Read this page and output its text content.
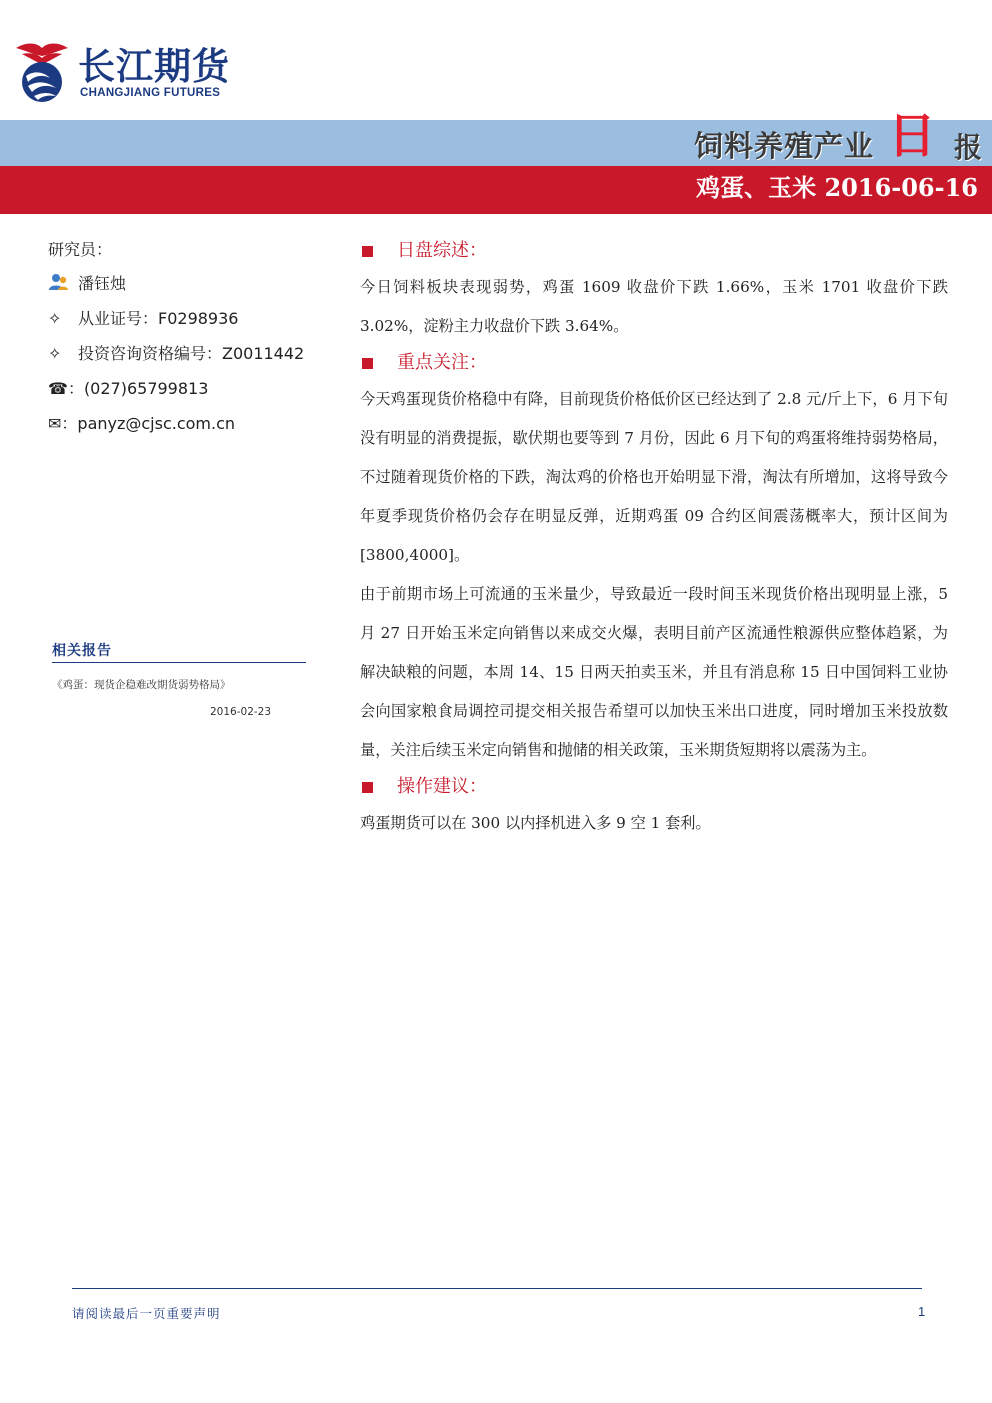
长江期货
CHANGJIANG FUTURES
饲料养殖产业 日 报
鸡蛋、玉米 2016-06-16
研究员：
潘钰烛
✧	从业证号：F0298936
✧	投资咨询资格编号：Z0011442
☎ ：(027)65799813
✉ ：panyz@cjsc.com.cn
相关报告
《鸡蛋：现货企稳难改期货弱势格局》
2016-02-23
日盘综述：

今日饲料板块表现弱势，鸡蛋 1609 收盘价下跌 1.66%，玉米 1701 收盘价下跌 3.02%，淀粉主力收盘价下跌 3.64%。

重点关注：

今天鸡蛋现货价格稳中有降，目前现货价格低价区已经达到了 2.8 元/斤上下，6 月下旬没有明显的消费提振，歇伏期也要等到 7 月份，因此 6 月下旬的鸡蛋将维持弱势格局，不过随着现货价格的下跌，淘汰鸡的价格也开始明显下滑，淘汰有所增加，这将导致今年夏季现货价格仍会存在明显反弹，近期鸡蛋 09 合约区间震荡概率大，预计区间为[3800,4000]。

由于前期市场上可流通的玉米量少，导致最近一段时间玉米现货价格出现明显上涨，5 月 27 日开始玉米定向销售以来成交火爆，表明目前产区流通性粮源供应整体趋紧，为解决缺粮的问题，本周 14、15 日两天拍卖玉米，并且有消息称 15 日中国饲料工业协会向国家粮食局调控司提交相关报告希望可以加快玉米出口进度，同时增加玉米投放数量，关注后续玉米定向销售和抛储的相关政策，玉米期货短期将以震荡为主。

操作建议：

鸡蛋期货可以在 300 以内择机进入多 9 空 1 套利。

请阅读最后一页重要声明	1
